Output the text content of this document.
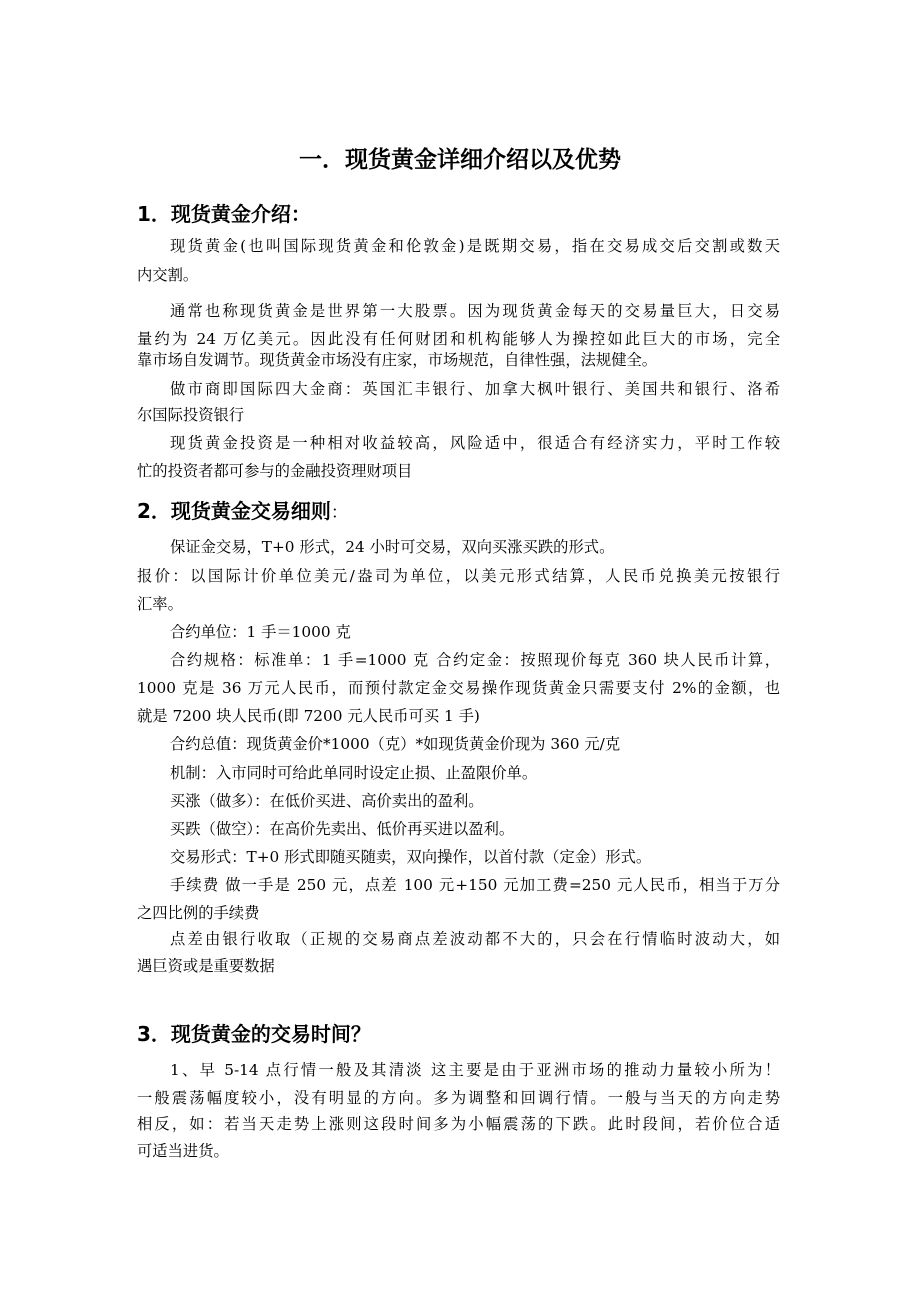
一．现货黄金详细介绍以及优势
1．现货黄金介绍：
2．现货黄金交易细则：
3．现货黄金的交易时间？
现货黄金(也叫国际现货黄金和伦敦金)是既期交易，指在交易成交后交割或数天
内交割。
通常也称现货黄金是世界第一大股票。因为现货黄金每天的交易量巨大，日交易
量约为 24 万亿美元。因此没有任何财团和机构能够人为操控如此巨大的市场，完全
靠市场自发调节。现货黄金市场没有庄家，市场规范，自律性强，法规健全。
做市商即国际四大金商：英国汇丰银行、加拿大枫叶银行、美国共和银行、洛希
尔国际投资银行
现货黄金投资是一种相对收益较高，风险适中，很适合有经济实力，平时工作较
忙的投资者都可参与的金融投资理财项目
保证金交易，T+0 形式，24 小时可交易，双向买涨买跌的形式。
报价：以国际计价单位美元/盎司为单位，以美元形式结算，人民币兑换美元按银行
汇率。
合约单位：1 手＝1000 克
合约规格：标准单：1 手=1000 克 合约定金：按照现价每克 360 块人民币计算，
1000 克是 36 万元人民币，而预付款定金交易操作现货黄金只需要支付 2%的金额，也
就是 7200 块人民币(即 7200 元人民币可买 1 手)
合约总值：现货黄金价*1000（克）*如现货黄金价现为 360 元/克
机制：入市同时可给此单同时设定止损、止盈限价单。
买涨（做多）：在低价买进、高价卖出的盈利。
买跌（做空）：在高价先卖出、低价再买进以盈利。
交易形式：T+0 形式即随买随卖，双向操作，以首付款（定金）形式。
手续费 做一手是 250 元，点差 100 元+150 元加工费=250 元人民币，相当于万分
之四比例的手续费
点差由银行收取（正规的交易商点差波动都不大的，只会在行情临时波动大，如
遇巨资或是重要数据
1、早 5-14 点行情一般及其清淡 这主要是由于亚洲市场的推动力量较小所为！
一般震荡幅度较小，没有明显的方向。多为调整和回调行情。一般与当天的方向走势
相反，如：若当天走势上涨则这段时间多为小幅震荡的下跌。此时段间，若价位合适
可适当进货。
